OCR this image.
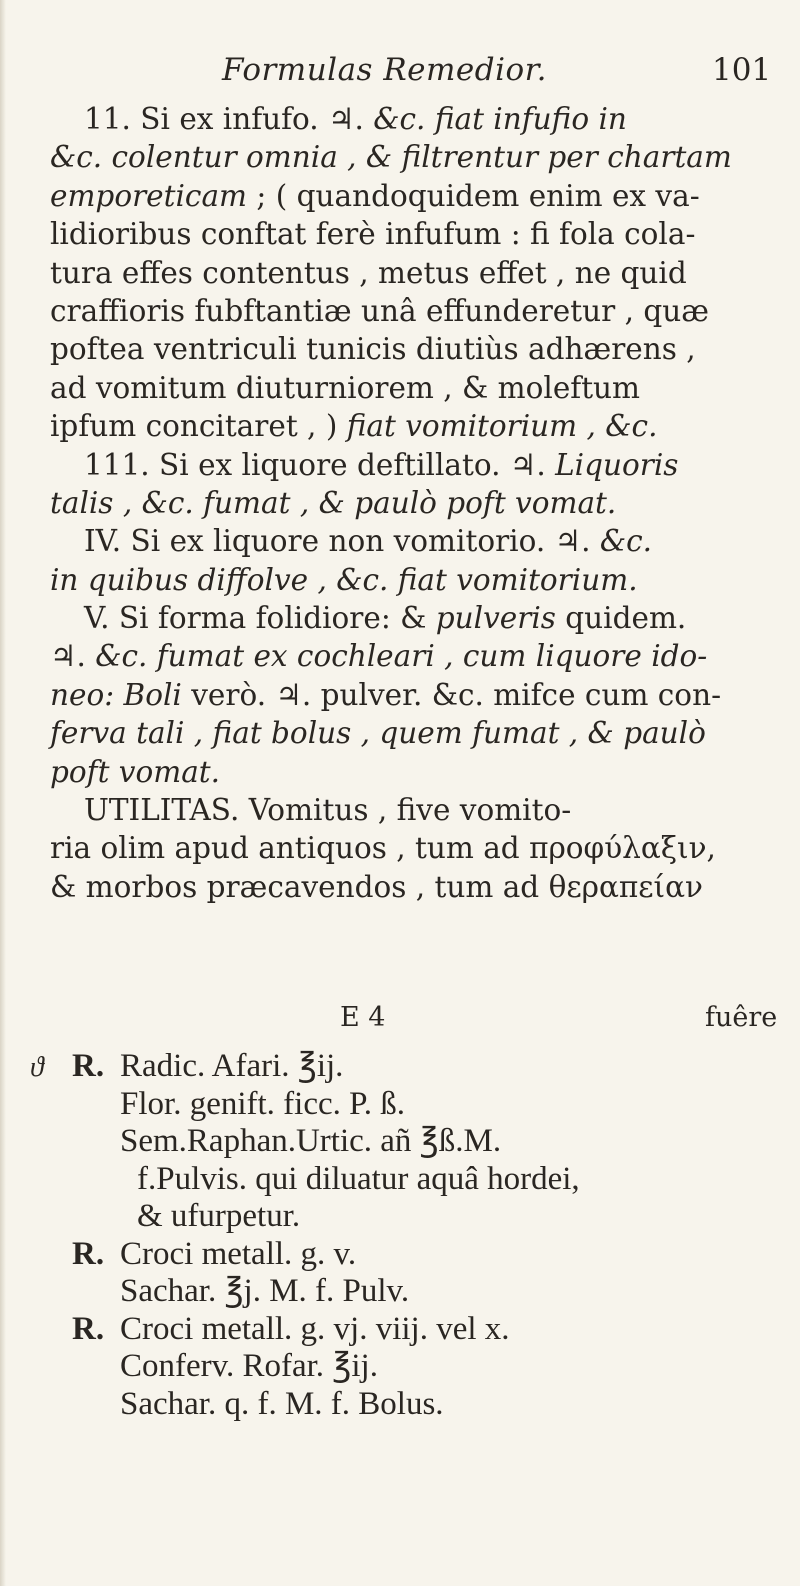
Formulas Remedior.	101
11. Si ex infufo. ♃. &c. fiat infufio in
&c. colentur omnia , & filtrentur per chartam
emporeticam ; ( quandoquidem enim ex va-
lidioribus conftat ferè infufum : fi fola cola-
tura effes contentus , metus effet , ne quid
craffioris fubftantiæ unâ effunderetur , quæ
poftea ventriculi tunicis diutiùs adhærens ,
ad vomitum diuturniorem , & moleftum
ipfum concitaret , ) fiat vomitorium , &c.
111. Si ex liquore deftillato. ♃. Liquoris
talis , &c. fumat , & paulò poft vomat.
IV. Si ex liquore non vomitorio. ♃. &c.
in quibus diffolve , &c. fiat vomitorium.
V. Si forma folidiore: & pulveris quidem.
♃. &c. fumat ex cochleari , cum liquore ido-
neo: Boli verò. ♃. pulver. &c. mifce cum con-
ferva tali , fiat bolus , quem fumat , & paulò
poft vomat.
UTILITAS. Vomitus , five vomito-
ria olim apud antiquos , tum ad προφύλαξιν,
& morbos præcavendos , tum ad θεραπείαν
E 4	fuêre
ϑ R. Radic. Afari. ℥ij.
Flor. genift. ficc. P. ß.
Sem.Raphan.Urtic. añ ℥ß.M.
f.Pulvis. qui diluatur aquâ hordei,
& ufurpetur.
R. Croci metall. g. v.
Sachar. ℥j. M. f. Pulv.
R. Croci metall. g. vj. viij. vel x.
Conferv. Rofar. ℥ij.
Sachar. q. f. M. f. Bolus.
